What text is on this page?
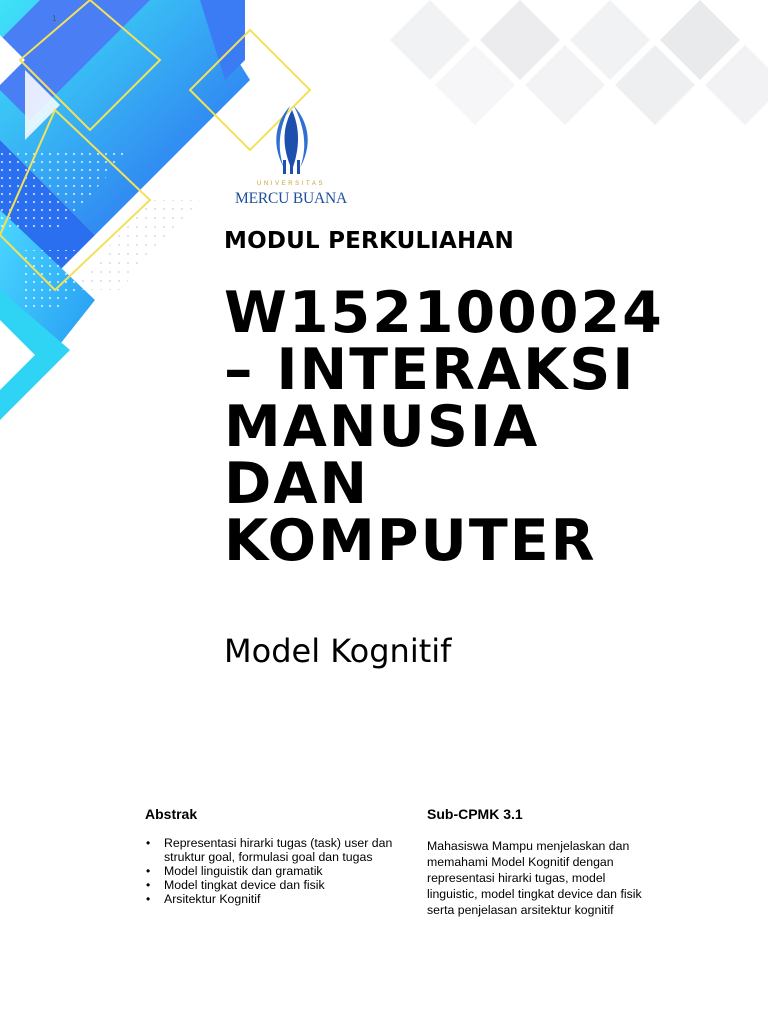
1
UNIVERSITAS
MERCU BUANA
MODUL PERKULIAHAN
W152100024
– INTERAKSI
MANUSIA
DAN
KOMPUTER
Model Kognitif
Abstrak
• Representasi hirarki tugas (task) user dan struktur goal, formulasi goal dan tugas
• Model linguistik dan gramatik
• Model tingkat device dan fisik
• Arsitektur Kognitif
Sub-CPMK 3.1
Mahasiswa Mampu menjelaskan dan
memahami Model Kognitif dengan
representasi hirarki tugas, model
linguistic, model tingkat device dan fisik
serta penjelasan arsitektur kognitif
